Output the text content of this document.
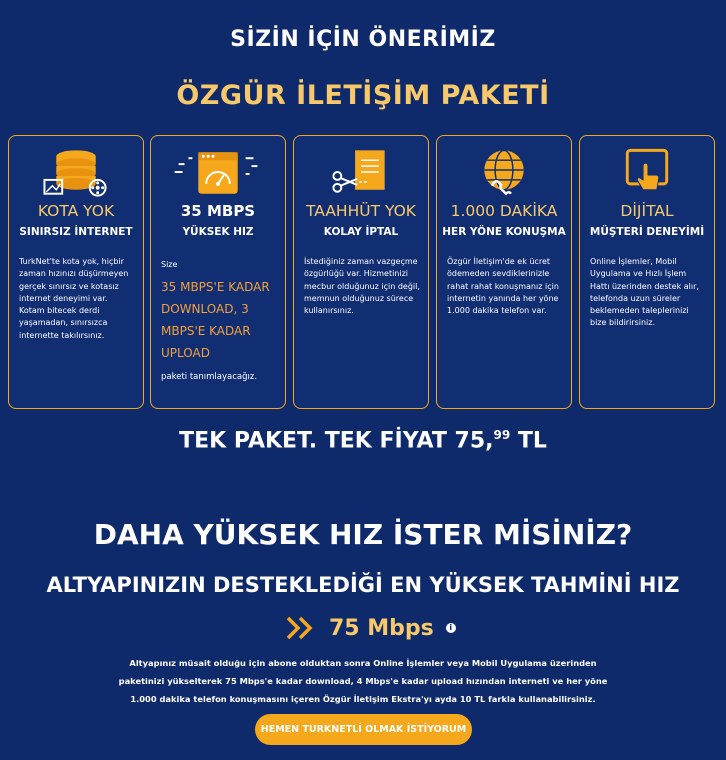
SİZİN İÇİN ÖNERİMİZ
ÖZGÜR İLETİŞİM PAKETİ
KOTA YOK
SINIRSIZ İNTERNET
TurkNet'te kota yok, hiçbir zaman hızınızı düşürmeyen gerçek sınırsız ve kotasız internet deneyimi var. Kotam bitecek derdi yaşamadan, sınırsızca internette takılırsınız.
35 MBPS
YÜKSEK HIZ
Size
35 MBPS'E KADAR DOWNLOAD, 3 MBPS'E KADAR UPLOAD
paketi tanımlayacağız.
TAAHHÜT YOK
KOLAY İPTAL
İstediğiniz zaman vazgeçme özgürlüğü var. Hizmetinizi mecbur olduğunuz için değil, memnun olduğunuz sürece kullanırsınız.
1.000 DAKİKA
HER YÖNE KONUŞMA
Özgür İletişim'de ek ücret ödemeden sevdiklerinizle rahat rahat konuşmanız için internetin yanında her yöne 1.000 dakika telefon var.
DİJİTAL
MÜŞTERİ DENEYİMİ
Online İşlemler, Mobil Uygulama ve Hızlı İşlem Hattı üzerinden destek alır, telefonda uzun süreler beklemeden taleplerinizi bize bildirirsiniz.
TEK PAKET. TEK FİYAT 75,99 TL
DAHA YÜKSEK HIZ İSTER MİSİNİZ?
ALTYAPINIZIN DESTEKLEDİĞİ EN YÜKSEK TAHMİNİ HIZ
75 Mbps	i
Altyapınız müsait olduğu için abone olduktan sonra Online İşlemler veya Mobil Uygulama üzerinden paketinizi yükselterek 75 Mbps'e kadar download, 4 Mbps'e kadar upload hızından interneti ve her yöne 1.000 dakika telefon konuşmasını içeren Özgür İletişim Ekstra'yı ayda 10 TL farkla kullanabilirsiniz.
HEMEN TURKNETLİ OLMAK İSTİYORUM
